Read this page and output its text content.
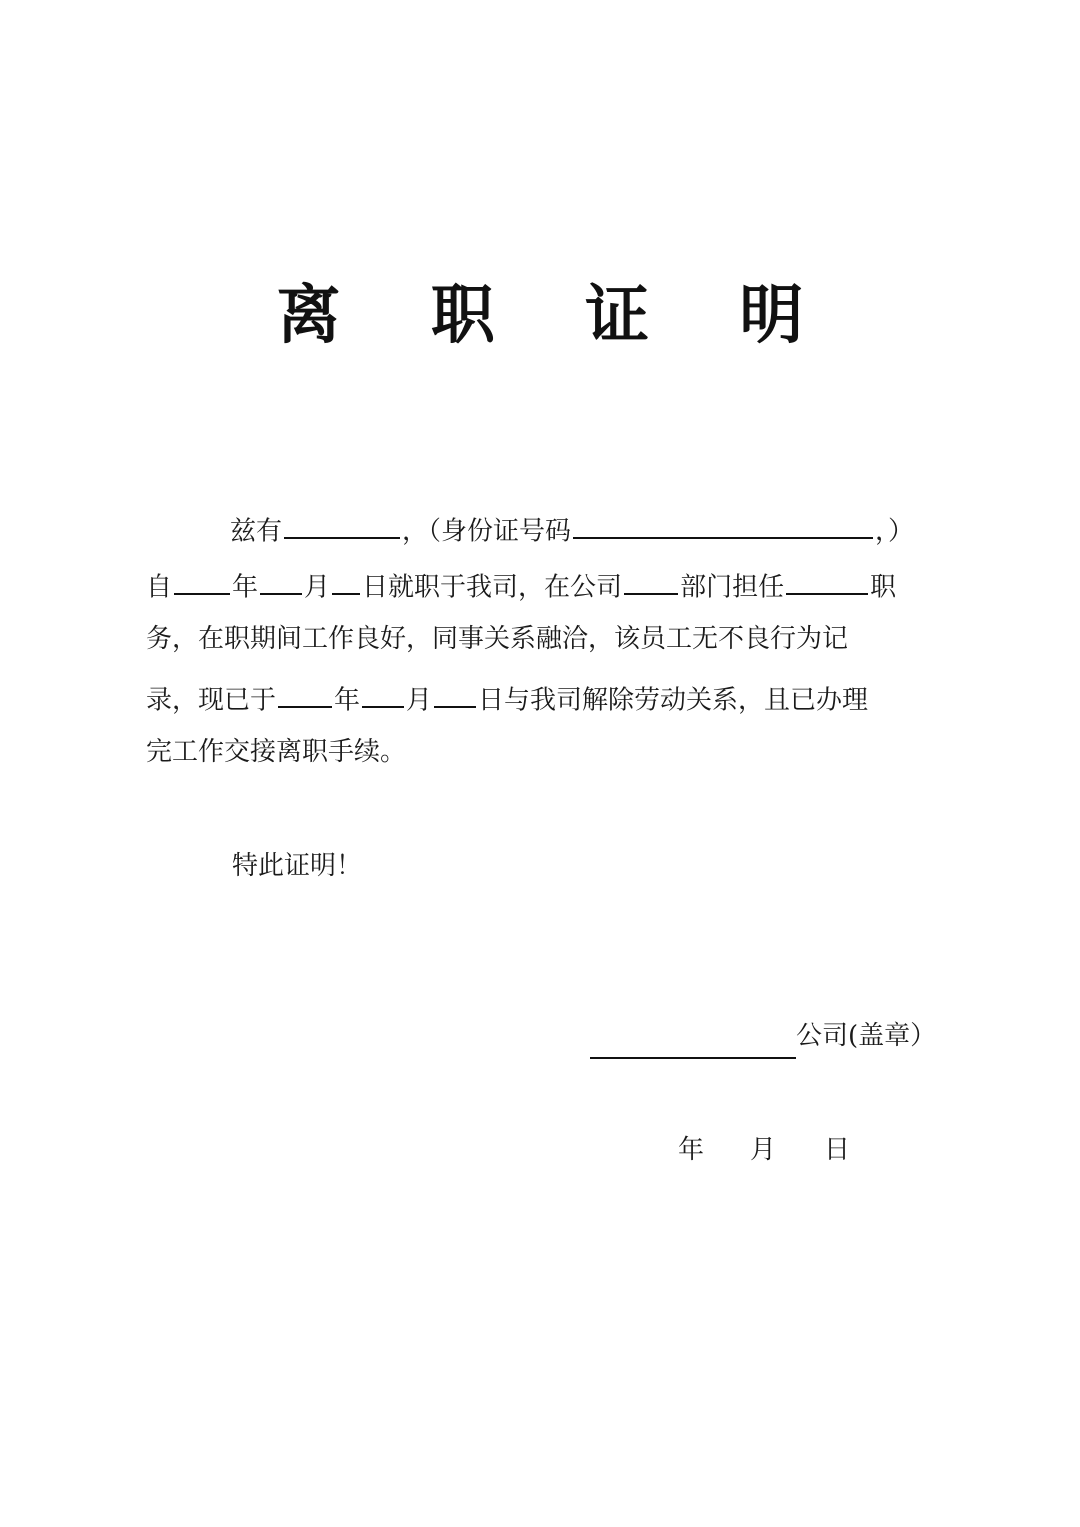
离 职 证 明
兹有	，（身份证号码	，）
自 年 月 日就职于我司，在公司 部门担任	职
务，在职期间工作良好，同事关系融洽，该员工无不良行为记
录，现已于 年 月 日与我司解除劳动关系，且已办理
完工作交接离职手续。
特此证明！
公司(盖章）
年 月 日
